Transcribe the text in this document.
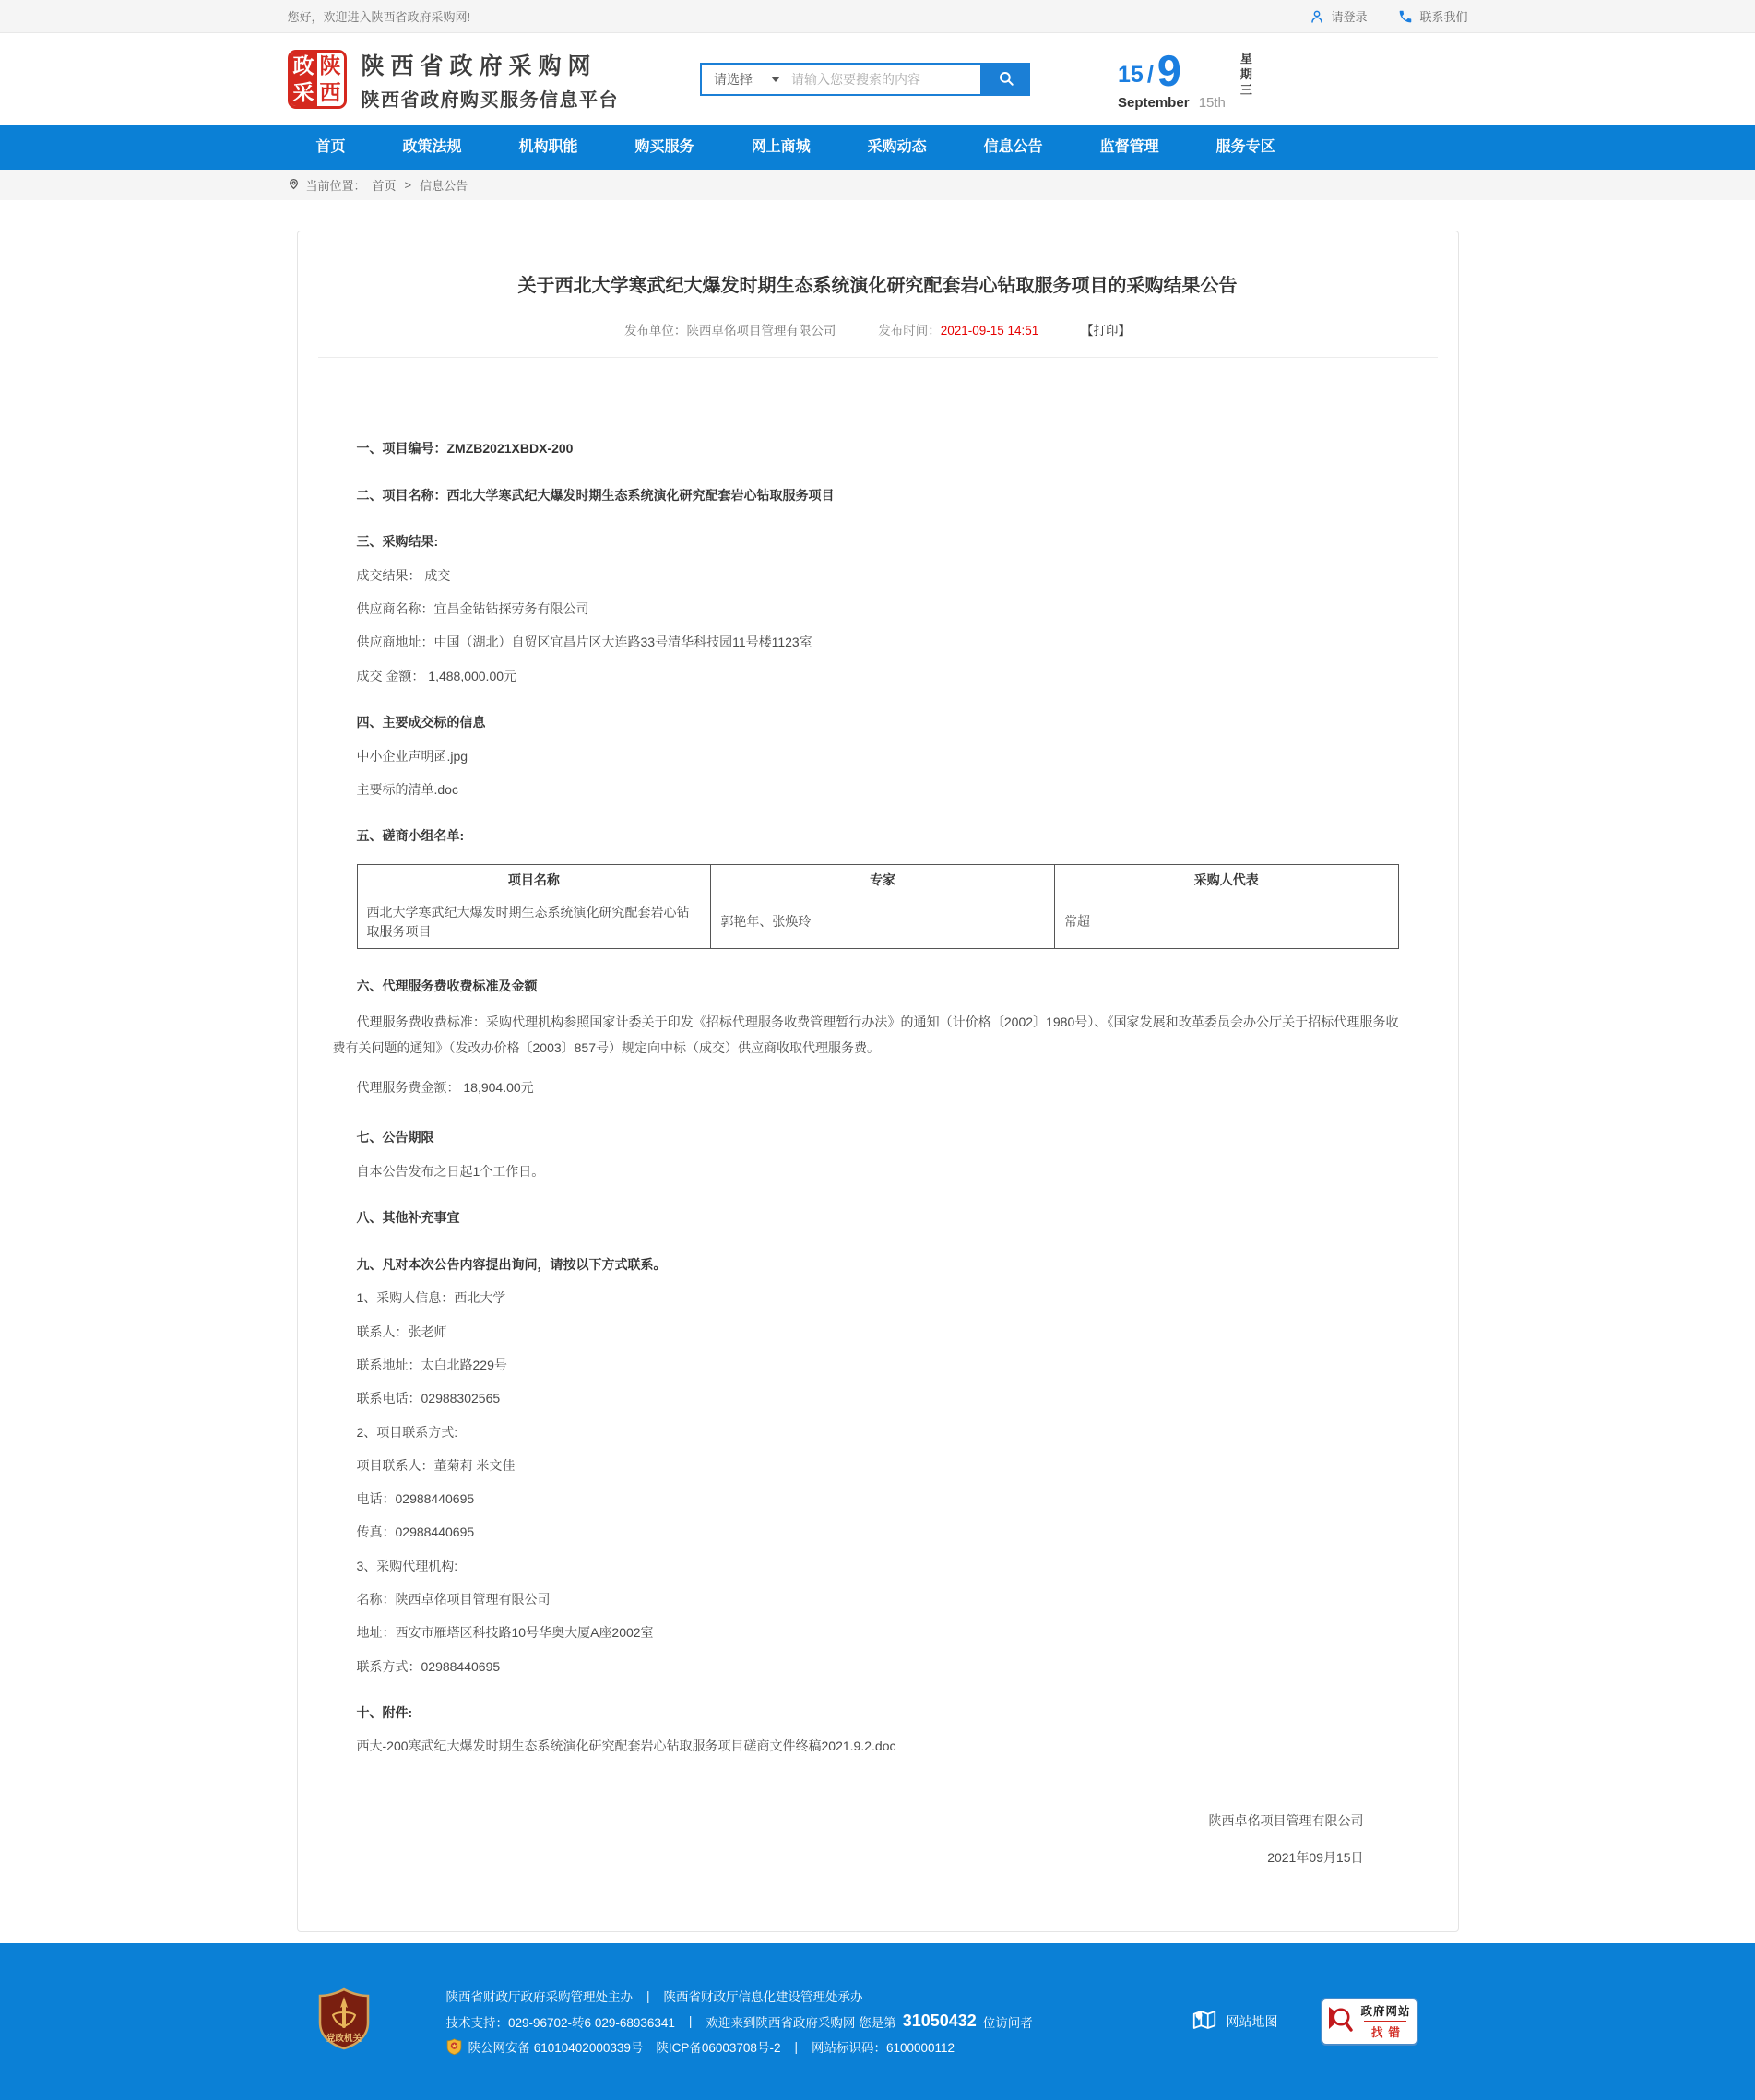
您好，欢迎进入陕西省政府采购网!	请登录	联系我们
政 陕
采 西
陕西省政府采购网
陕西省政府购买服务信息平台
请选择
请输入您要搜索的内容	15 / 9
September 15th
星
期
三
首页	政策法规	机构职能	购买服务	网上商城	采购动态	信息公告	监督管理	服务专区
当前位置： 首页 > 信息公告
关于西北大学寒武纪大爆发时期生态系统演化研究配套岩心钻取服务项目的采购结果公告
发布单位：陕西卓佲项目管理有限公司	发布时间：2021-09-15 14:51	【打印】

一、项目编号：ZMZB2021XBDX-200

二、项目名称：西北大学寒武纪大爆发时期生态系统演化研究配套岩心钻取服务项目

三、采购结果:

成交结果： 成交

供应商名称：宜昌金钻钻探劳务有限公司

供应商地址：中国（湖北）自贸区宜昌片区大连路33号清华科技园11号楼1123室

成交 金额： 1,488,000.00元

四、主要成交标的信息

中小企业声明函.jpg

主要标的清单.doc

五、磋商小组名单:

项目名称	专家	采购人代表
西北大学寒武纪大爆发时期生态系统演化研究配套岩心钻取服务项目	郭艳年、张焕玲	常超

六、代理服务费收费标准及金额

代理服务费收费标准：采购代理机构参照国家计委关于印发《招标代理服务收费管理暂行办法》的通知（计价格〔2002〕1980号）、《国家发展和改革委员会办公厅关于招标代理服务收费有关问题的通知》（发改办价格〔2003〕857号）规定向中标（成交）供应商收取代理服务费。

代理服务费金额： 18,904.00元

七、公告期限

自本公告发布之日起1个工作日。

八、其他补充事宜

九、凡对本次公告内容提出询问，请按以下方式联系。

1、采购人信息：西北大学

联系人：张老师

联系地址：太白北路229号

联系电话：02988302565

2、项目联系方式:

项目联系人：董菊莉 米文佳

电话：02988440695

传真：02988440695

3、采购代理机构:

名称：陕西卓佲项目管理有限公司

地址：西安市雁塔区科技路10号华奥大厦A座2002室

联系方式：02988440695

十、附件:

西大-200寒武纪大爆发时期生态系统演化研究配套岩心钻取服务项目磋商文件终稿2021.9.2.doc
陕西卓佲项目管理有限公司
2021年09月15日
党政机关
陕西省财政厅政府采购管理处主办 | 陕西省财政厅信息化建设管理处承办
技术支持：029-96702-转6 029-68936341 | 欢迎来到陕西省政府采购网 您是第 31050432 位访问者
陕公网安备 61010402000339号 陕ICP备06003708号-2 | 网站标识码：6100000112
网站地图
政府网站
找错
